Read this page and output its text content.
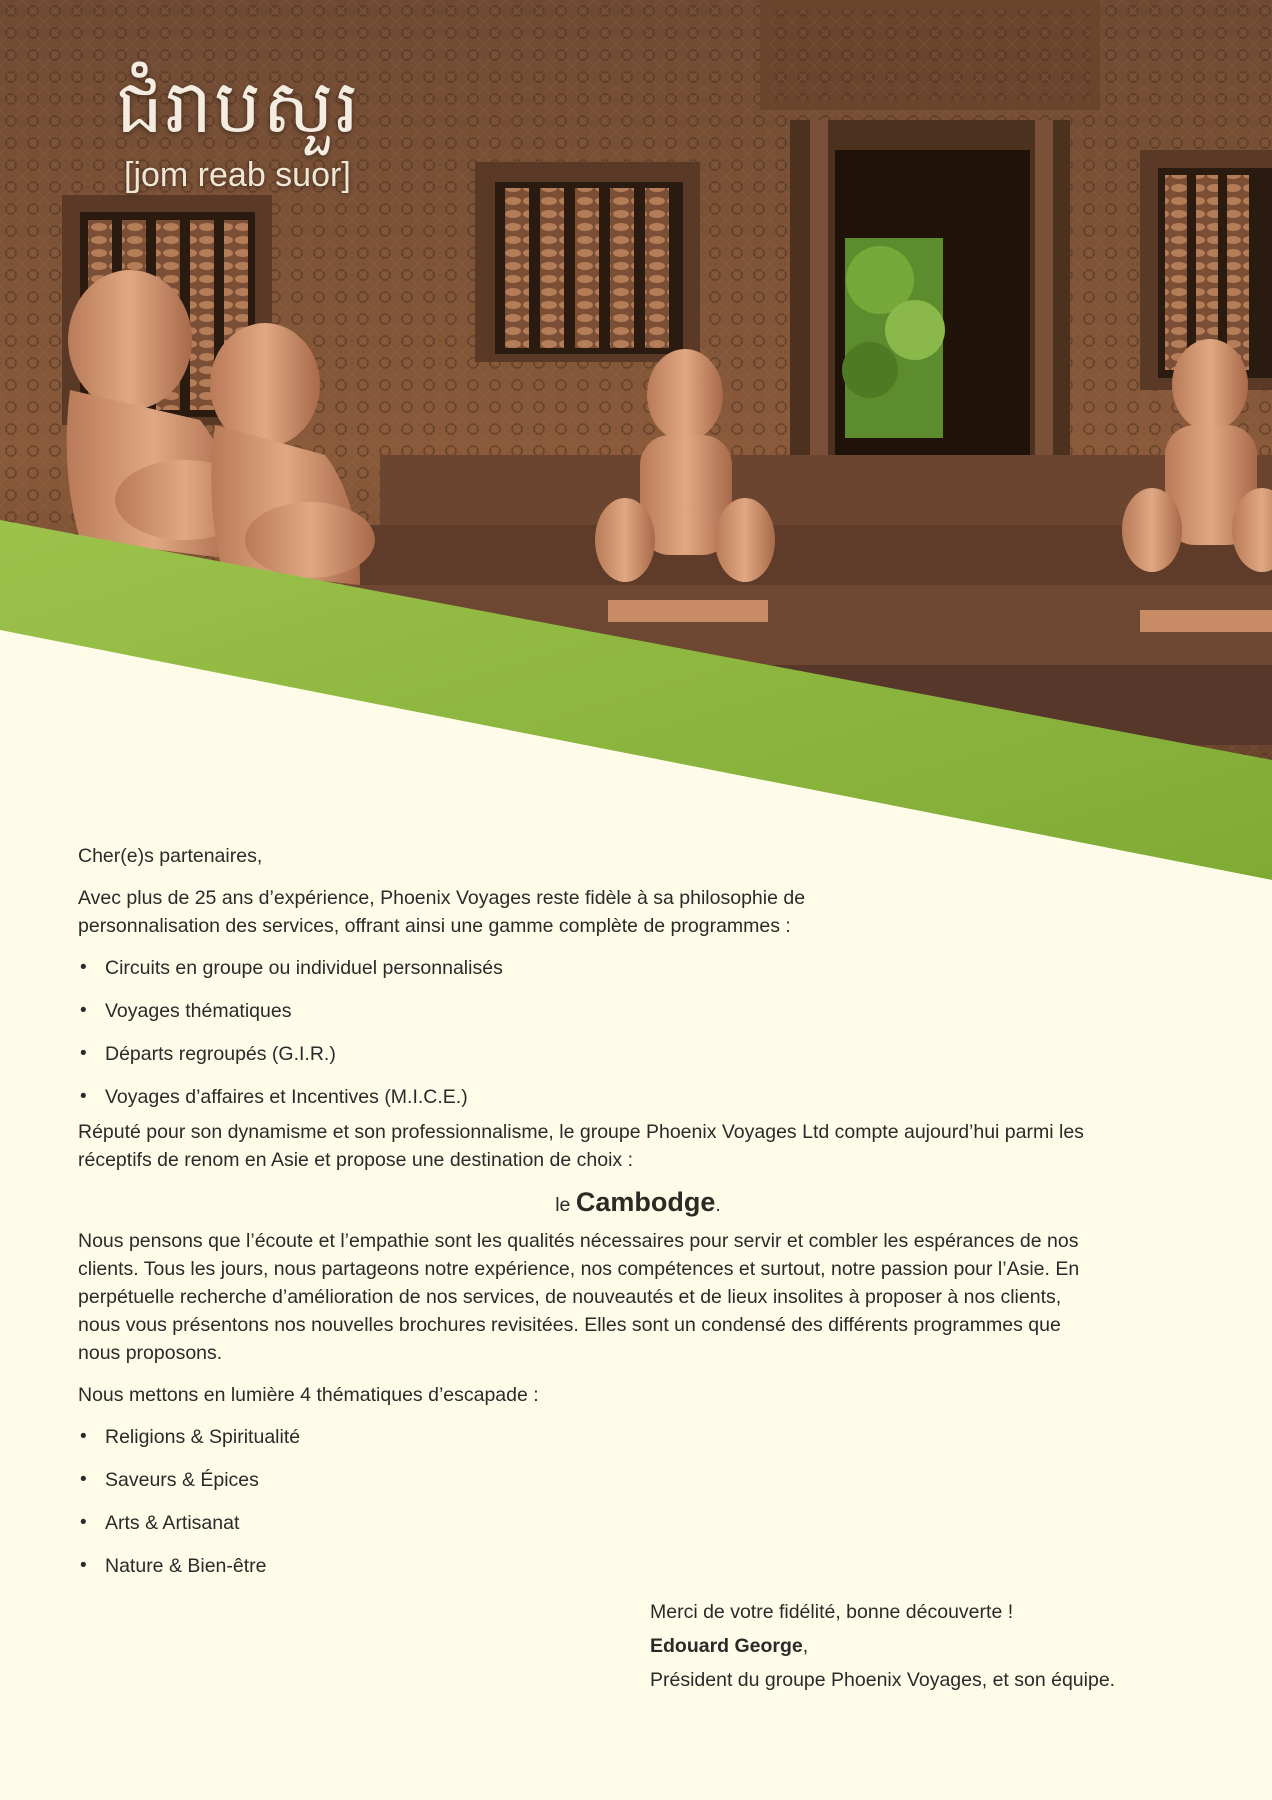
ជំរាបសួរ
[jom reab suor]

Cher(e)s partenaires,

Avec plus de 25 ans d’expérience, Phoenix Voyages reste fidèle à sa philosophie de
personnalisation des services, offrant ainsi une gamme complète de programmes :

• Circuits en groupe ou individuel personnalisés
• Voyages thématiques
• Départs regroupés (G.I.R.)
• Voyages d’affaires et Incentives (M.I.C.E.)

Réputé pour son dynamisme et son professionnalisme, le groupe Phoenix Voyages Ltd compte aujourd’hui parmi les
réceptifs de renom en Asie et propose une destination de choix :

le Cambodge.

Nous pensons que l’écoute et l’empathie sont les qualités nécessaires pour servir et combler les espérances de nos
clients. Tous les jours, nous partageons notre expérience, nos compétences et surtout, notre passion pour l’Asie. En
perpétuelle recherche d’amélioration de nos services, de nouveautés et de lieux insolites à proposer à nos clients,
nous vous présentons nos nouvelles brochures revisitées. Elles sont un condensé des différents programmes que
nous proposons.

Nous mettons en lumière 4 thématiques d’escapade :

• Religions & Spiritualité
• Saveurs & Épices
• Arts & Artisanat
• Nature & Bien-être
Merci de votre fidélité, bonne découverte !
Edouard George,
Président du groupe Phoenix Voyages, et son équipe.
